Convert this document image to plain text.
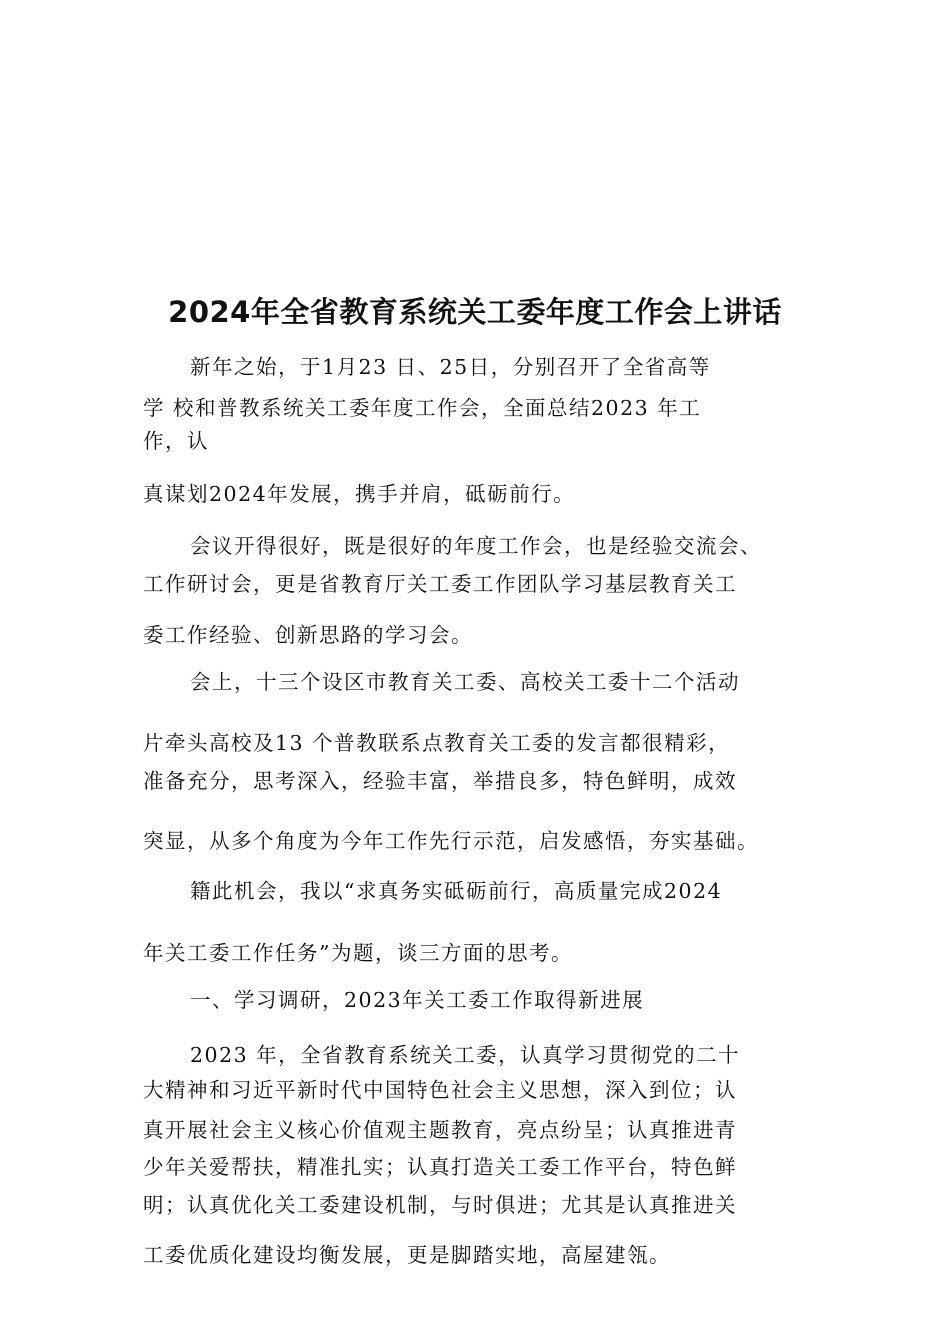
2024年全省教育系统关工委年度工作会上讲话

新年之始，于1月23 日、25日，分别召开了全省高等

学 校和普教系统关工委年度工作会，全面总结2023 年工

作，认

真谋划2024年发展，携手并肩，砥砺前行。

会议开得很好，既是很好的年度工作会，也是经验交流会、

工作研讨会，更是省教育厅关工委工作团队学习基层教育关工

委工作经验、创新思路的学习会。

会上，十三个设区市教育关工委、高校关工委十二个活动

片牵头高校及13 个普教联系点教育关工委的发言都很精彩，

准备充分，思考深入，经验丰富，举措良多，特色鲜明，成效

突显，从多个角度为今年工作先行示范，启发感悟，夯实基础。

籍此机会，我以“求真务实砥砺前行，高质量完成2024

年关工委工作任务”为题，谈三方面的思考。

一、学习调研，2023年关工委工作取得新进展

2023 年，全省教育系统关工委，认真学习贯彻党的二十

大精神和习近平新时代中国特色社会主义思想，深入到位；认

真开展社会主义核心价值观主题教育，亮点纷呈；认真推进青

少年关爱帮扶，精准扎实；认真打造关工委工作平台，特色鲜

明；认真优化关工委建设机制，与时俱进；尤其是认真推进关

工委优质化建设均衡发展，更是脚踏实地，高屋建瓴。
